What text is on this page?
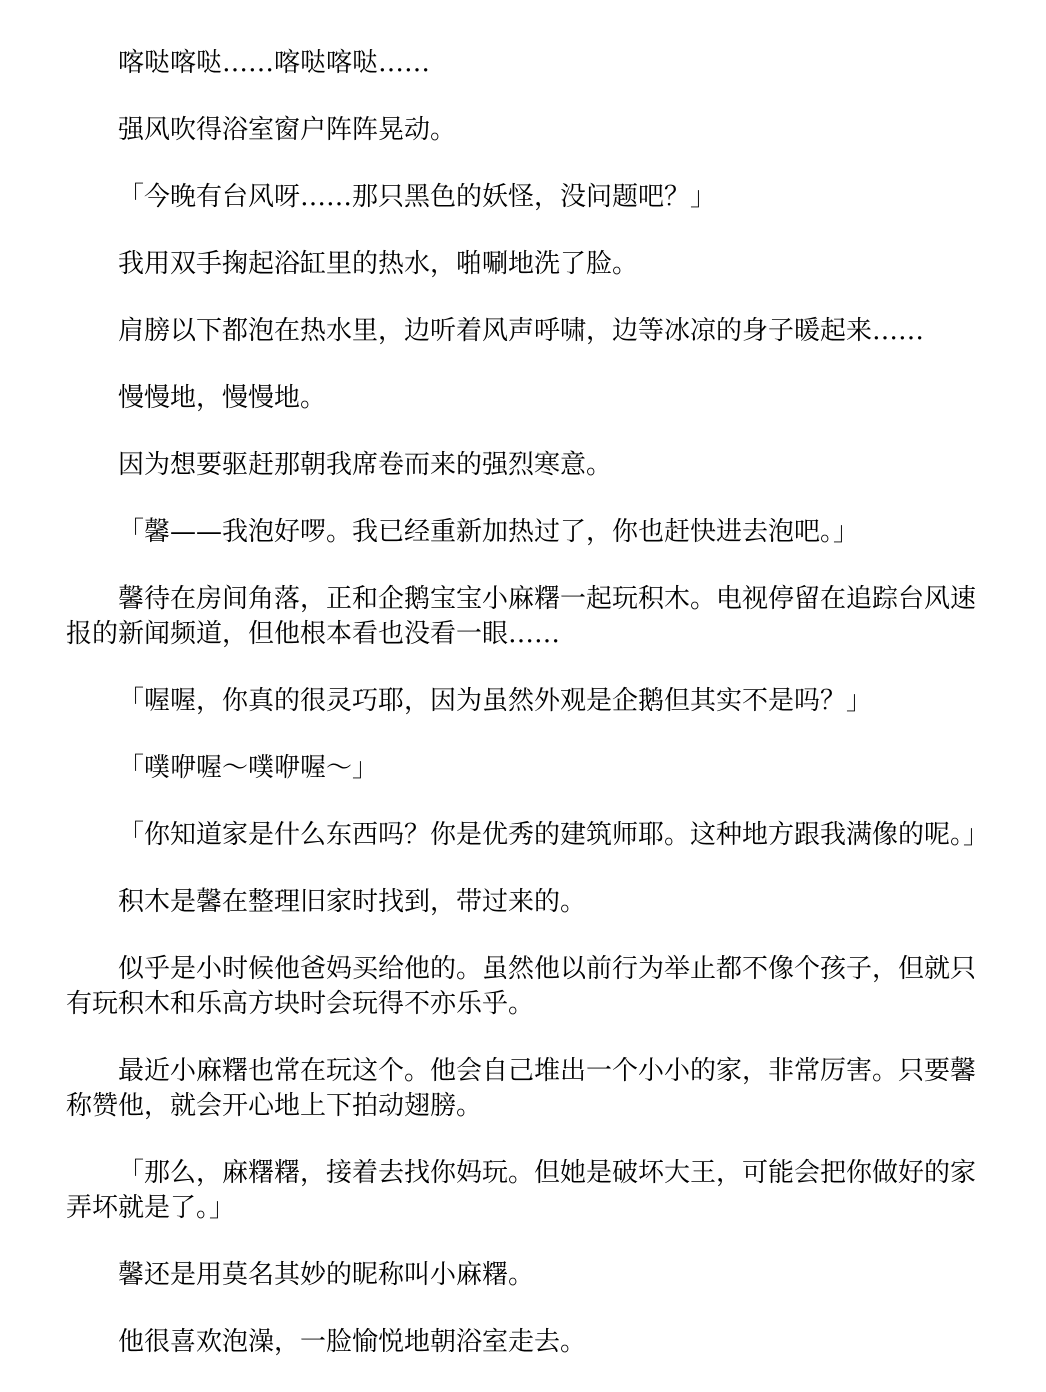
喀哒喀哒……喀哒喀哒……

强风吹得浴室窗户阵阵晃动。

「今晚有台风呀……那只黑色的妖怪，没问题吧？」

我用双手掬起浴缸里的热水，啪唰地洗了脸。

肩膀以下都泡在热水里，边听着风声呼啸，边等冰凉的身子暖起来……

慢慢地，慢慢地。

因为想要驱赶那朝我席卷而来的强烈寒意。

「馨——我泡好啰。我已经重新加热过了，你也赶快进去泡吧。」

馨待在房间角落，正和企鹅宝宝小麻糬一起玩积木。电视停留在追踪台风速报的新闻频道，但他根本看也没看一眼……

「喔喔，你真的很灵巧耶，因为虽然外观是企鹅但其实不是吗？」

「噗咿喔～噗咿喔～」

「你知道家是什么东西吗？你是优秀的建筑师耶。这种地方跟我满像的呢。」

积木是馨在整理旧家时找到，带过来的。

似乎是小时候他爸妈买给他的。虽然他以前行为举止都不像个孩子，但就只有玩积木和乐高方块时会玩得不亦乐乎。

最近小麻糬也常在玩这个。他会自己堆出一个小小的家，非常厉害。只要馨称赞他，就会开心地上下拍动翅膀。

「那么，麻糬糬，接着去找你妈玩。但她是破坏大王，可能会把你做好的家弄坏就是了。」

馨还是用莫名其妙的昵称叫小麻糬。

他很喜欢泡澡，一脸愉悦地朝浴室走去。
